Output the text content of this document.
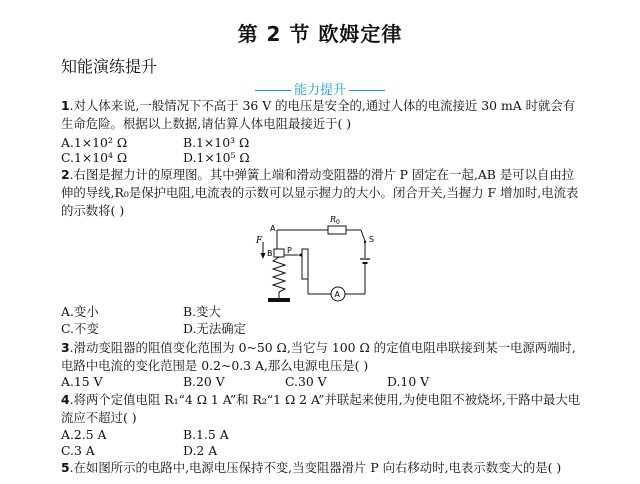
第 2 节 欧姆定律
知能演练提升
能力提升
1.对人体来说,一般情况下不高于 36 V 的电压是安全的,通过人体的电流接近 30 mA 时就会有生命危险。根据以上数据,请估算人体电阻最接近于( )
A.1×10² Ω	B.1×10³ Ω
C.1×10⁴ Ω	D.1×10⁵ Ω
2.右图是握力计的原理图。其中弹簧上端和滑动变阻器的滑片 P 固定在一起,AB 是可以自由拉伸的导线,R₀是保护电阻,电流表的示数可以显示握力的大小。闭合开关,当握力 F 增加时,电流表的示数将( )
F
A
$R_0$
S
A
P
B
A.变小	B.变大
C.不变	D.无法确定
3.滑动变阻器的阻值变化范围为 0~50 Ω,当它与 100 Ω 的定值电阻串联接到某一电源两端时,电路中电流的变化范围是 0.2~0.3 A,那么电源电压是( )
A.15 V	B.20 V	C.30 V	D.10 V
4.将两个定值电阻 R₁“4 Ω 1 A”和 R₂“1 Ω 2 A”并联起来使用,为使电阻不被烧坏,干路中最大电流应不超过( )
A.2.5 A	B.1.5 A
C.3 A	D.2 A
5.在如图所示的电路中,电源电压保持不变,当变阻器滑片 P 向右移动时,电表示数变大的是( )
